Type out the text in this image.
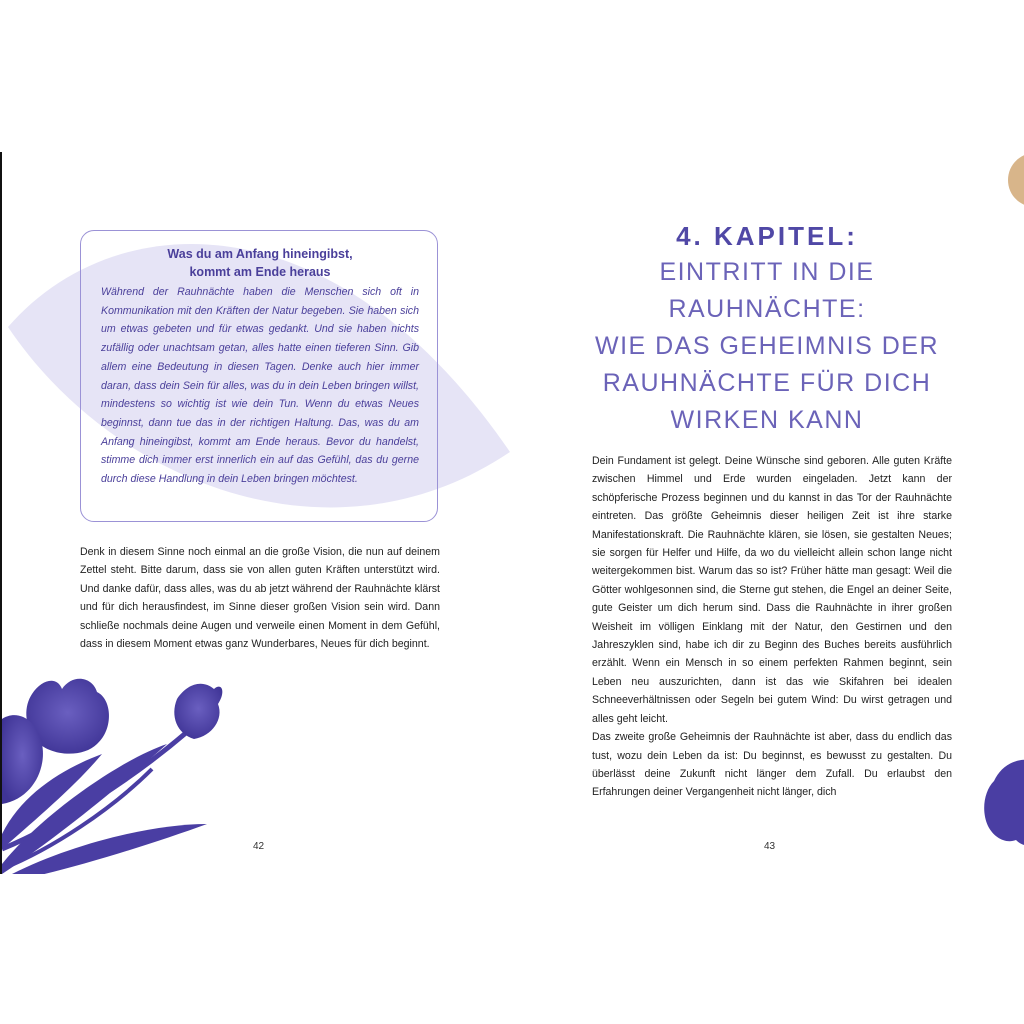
Was du am Anfang hineingibst,
kommt am Ende heraus
Während der Rauhnächte haben die Menschen sich oft in Kommunikation mit den Kräften der Natur begeben. Sie haben sich um etwas gebeten und für etwas gedankt. Und sie haben nichts zufällig oder unachtsam getan, alles hatte einen tieferen Sinn. Gib allem eine Bedeutung in diesen Tagen. Denke auch hier immer daran, dass dein Sein für alles, was du in dein Leben bringen willst, mindestens so wichtig ist wie dein Tun. Wenn du etwas Neues beginnst, dann tue das in der richtigen Haltung. Das, was du am Anfang hineingibst, kommt am Ende heraus. Bevor du handelst, stimme dich immer erst innerlich ein auf das Gefühl, das du gerne durch diese Handlung in dein Leben bringen möchtest.
Denk in diesem Sinne noch einmal an die große Vision, die nun auf deinem Zettel steht. Bitte darum, dass sie von allen guten Kräften unterstützt wird. Und danke dafür, dass alles, was du ab jetzt während der Rauhnächte klärst und für dich herausfindest, im Sinne dieser großen Vision sein wird. Dann schließe nochmals deine Augen und verweile einen Moment in dem Gefühl, dass in diesem Moment etwas ganz Wunderbares, Neues für dich beginnt.
42
4. KAPITEL:
EINTRITT IN DIE
RAUHNÄCHTE:
WIE DAS GEHEIMNIS DER
RAUHNÄCHTE FÜR DICH
WIRKEN KANN

Dein Fundament ist gelegt. Deine Wünsche sind geboren. Alle guten Kräfte zwischen Himmel und Erde wurden eingeladen. Jetzt kann der schöpferische Prozess beginnen und du kannst in das Tor der Rauhnächte eintreten. Das größte Geheimnis dieser heiligen Zeit ist ihre starke Manifestationskraft. Die Rauhnächte klären, sie lösen, sie gestalten Neues; sie sorgen für Helfer und Hilfe, da wo du vielleicht allein schon lange nicht weitergekommen bist. Warum das so ist? Früher hätte man gesagt: Weil die Götter wohlgesonnen sind, die Sterne gut stehen, die Engel an deiner Seite, gute Geister um dich herum sind. Dass die Rauhnächte in ihrer großen Weisheit im völligen Einklang mit der Natur, den Gestirnen und den Jahreszyklen sind, habe ich dir zu Beginn des Buches bereits ausführlich erzählt. Wenn ein Mensch in so einem perfekten Rahmen beginnt, sein Leben neu auszurichten, dann ist das wie Skifahren bei idealen Schneeverhältnissen oder Segeln bei gutem Wind: Du wirst getragen und alles geht leicht.

Das zweite große Geheimnis der Rauhnächte ist aber, dass du endlich das tust, wozu dein Leben da ist: Du beginnst, es bewusst zu gestalten. Du überlässt deine Zukunft nicht länger dem Zufall. Du erlaubst den Erfahrungen deiner Vergangenheit nicht länger, dich

43
